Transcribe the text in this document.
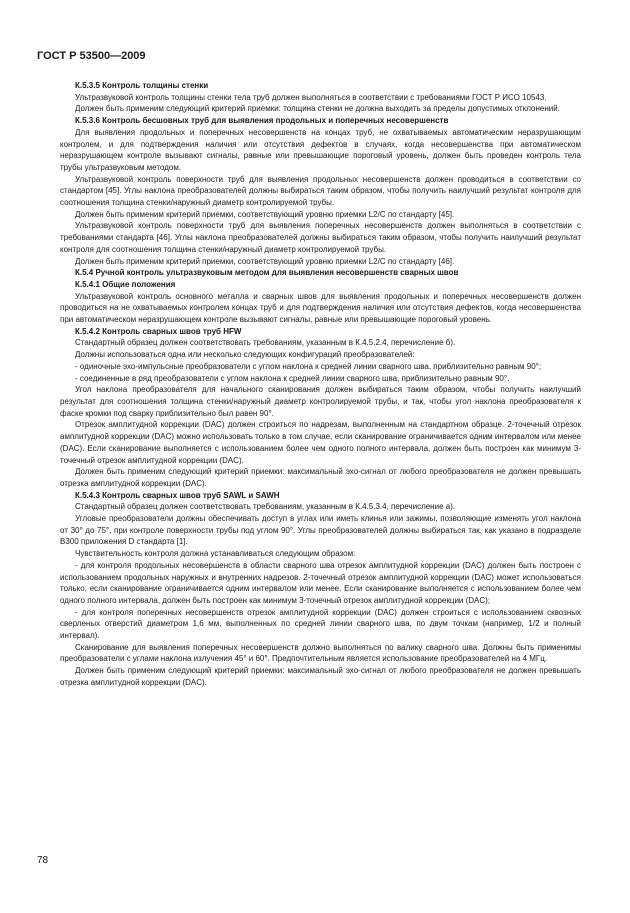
ГОСТ Р 53500—2009

К.5.3.5 Контроль толщины стенки

Ультразвуковой контроль толщины стенки тела труб должен выполняться в соответствии с требованиями ГОСТ Р ИСО 10543.

Должен быть применим следующий критерий приемки: толщина стенки не должна выходить за пределы допустимых отклонений.

К.5.3.6 Контроль бесшовных труб для выявления продольных и поперечных несовершенств

Для выявления продольных и поперечных несовершенств на концах труб, не охватываемых автоматическим неразрушающим контролем, и для подтверждения наличия или отсутствия дефектов в случаях, когда несовершенства при автоматическом неразрушающем контроле вызывают сигналы, равные или превышающие пороговый уровень, должен быть проведен контроль тела трубы ультразвуковым методом.

Ультразвуковой контроль поверхности труб для выявления продольных несовершенств должен проводиться в соответствии со стандартом [45]. Углы наклона преобразователей должны выбираться таким образом, чтобы получить наилучший результат контроля для соотношения толщина стенки/наружный диаметр контролируемой трубы.

Должен быть применим критерий приемки, соответствующий уровню приемки L2/C по стандарту [45].

Ультразвуковой контроль поверхности труб для выявления поперечных несовершенств должен выполняться в соответствии с требованиями стандарта [46]. Углы наклона преобразователей должны выбираться таким образом, чтобы получить наилучший результат контроля для соотношения толщина стенки/наружный диаметр контролируемой трубы.

Должен быть применим критерий приемки, соответствующий уровню приемки L2/C по стандарту [46].

К.5.4 Ручной контроль ультразвуковым методом для выявления несовершенств сварных швов

К.5.4.1 Общие положения

Ультразвуковой контроль основного металла и сварных швов для выявления продольных и поперечных несовершенств должен проводиться на не охватываемых контролем концах труб и для подтверждения наличия или отсутствия дефектов, когда несовершенства при автоматическом неразрушающем контроле вызывают сигналы, равные или превышающие пороговый уровень.

К.5.4.2 Контроль сварных швов труб HFW

Стандартный образец должен соответствовать требованиям, указанным в К.4.5.2.4, перечисление б).

Должны использоваться одна или несколько следующих конфигураций преобразователей:

- одиночные эхо-импульсные преобразователи с углом наклона к средней линии сварного шва, приблизительно равным 90°;

- соединенные в ряд преобразователи с углом наклона к средней линии сварного шва, приблизительно равным 90°.

Угол наклона преобразователя для начального сканирования должен выбираться таким образом, чтобы получить наилучший результат для соотношения толщина стенки/наружный диаметр контролируемой трубы, и так, чтобы угол наклона преобразователя к фаске кромки под сварку приблизительно был равен 90°.

Отрезок амплитудной коррекции (DAC) должен строиться по надрезам, выполненным на стандартном образце. 2-точечный отрезок амплитудной коррекции (DAC) можно использовать только в том случае, если сканирование ограничивается одним интервалом или менее (DAC). Если сканирование выполняется с использованием более чем одного полного интервала, должен быть построен как минимум 3-точечный отрезок амплитудной коррекции (DAC).

Должен быть применим следующий критерий приемки: максимальный эхо-сигнал от любого преобразователя не должен превышать отрезка амплитудной коррекции (DAC).

К.5.4.3 Контроль сварных швов труб SAWL и SAWH

Стандартный образец должен соответствовать требованиям, указанным в К.4.5.3.4, перечисление а).

Угловые преобразователи должны обеспечивать доступ в углах или иметь клинья или зажимы, позволяющие изменять угол наклона от 30° до 75°, при контроле поверхности трубы под углом 90°. Углы преобразователей должны выбираться так, как указано в подразделе В300 приложения D стандарта [1].

Чувствительность контроля должна устанавливаться следующим образом:

- для контроля продольных несовершенств в области сварного шва отрезок амплитудной коррекции (DAC) должен быть построен с использованием продольных наружных и внутренних надрезов. 2-точечный отрезок амплитудной коррекции (DAC) может использоваться только, если сканирование ограничивается одним интервалом или менее. Если сканирование выполняется с использованием более чем одного полного интервала, должен быть построен как минимум 3-точечный отрезок амплитудной коррекции (DAC);

- для контроля поперечных несовершенств отрезок амплитудной коррекции (DAC) должен строиться с использованием сквозных сверленых отверстий диаметром 1,6 мм, выполненных по средней линии сварного шва, по двум точкам (например, 1/2 и полный интервал).

Сканирование для выявления поперечных несовершенств должно выполняться по валику сварного шва. Должны быть применимы преобразователи с углами наклона излучения 45° и 60°. Предпочтительным является использование преобразователей на 4 МГц.

Должен быть применим следующий критерий приемки: максимальный эхо-сигнал от любого преобразователя не должен превышать отрезка амплитудной коррекции (DAC).

78
